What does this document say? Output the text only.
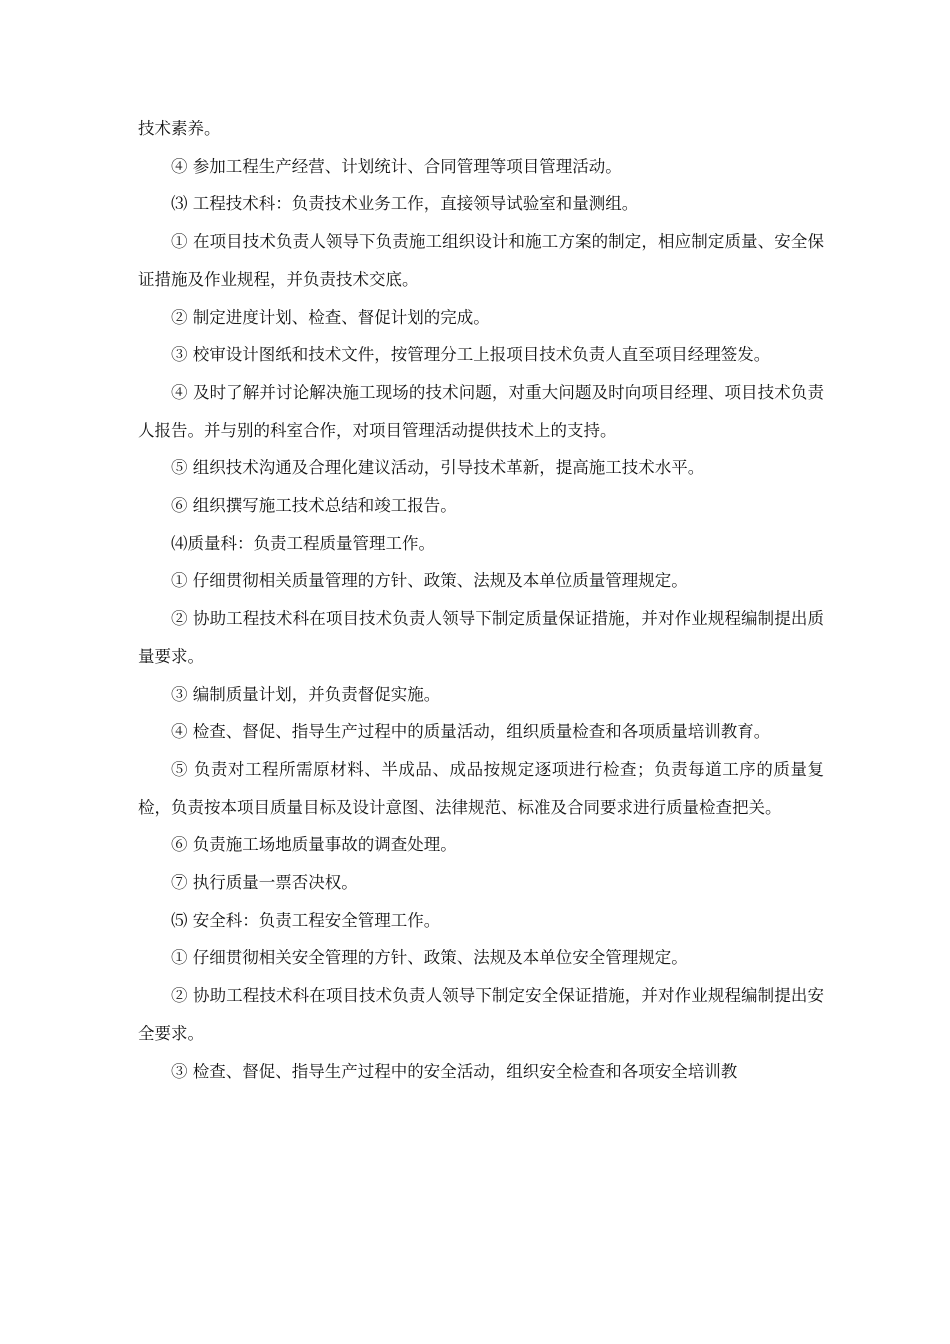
技术素养。

④ 参加工程生产经营、计划统计、合同管理等项目管理活动。

⑶ 工程技术科：负责技术业务工作，直接领导试验室和量测组。

① 在项目技术负责人领导下负责施工组织设计和施工方案的制定，相应制定质量、安全保证措施及作业规程，并负责技术交底。

② 制定进度计划、检查、督促计划的完成。

③ 校审设计图纸和技术文件，按管理分工上报项目技术负责人直至项目经理签发。

④ 及时了解并讨论解决施工现场的技术问题，对重大问题及时向项目经理、项目技术负责人报告。并与别的科室合作，对项目管理活动提供技术上的支持。

⑤ 组织技术沟通及合理化建议活动，引导技术革新，提高施工技术水平。

⑥ 组织撰写施工技术总结和竣工报告。

⑷质量科：负责工程质量管理工作。

① 仔细贯彻相关质量管理的方针、政策、法规及本单位质量管理规定。

② 协助工程技术科在项目技术负责人领导下制定质量保证措施，并对作业规程编制提出质量要求。

③ 编制质量计划，并负责督促实施。

④ 检查、督促、指导生产过程中的质量活动，组织质量检查和各项质量培训教育。

⑤ 负责对工程所需原材料、半成品、成品按规定逐项进行检查；负责每道工序的质量复检，负责按本项目质量目标及设计意图、法律规范、标准及合同要求进行质量检查把关。

⑥ 负责施工场地质量事故的调查处理。

⑦ 执行质量一票否决权。

⑸ 安全科：负责工程安全管理工作。

① 仔细贯彻相关安全管理的方针、政策、法规及本单位安全管理规定。

② 协助工程技术科在项目技术负责人领导下制定安全保证措施，并对作业规程编制提出安全要求。

③ 检查、督促、指导生产过程中的安全活动，组织安全检查和各项安全培训教
